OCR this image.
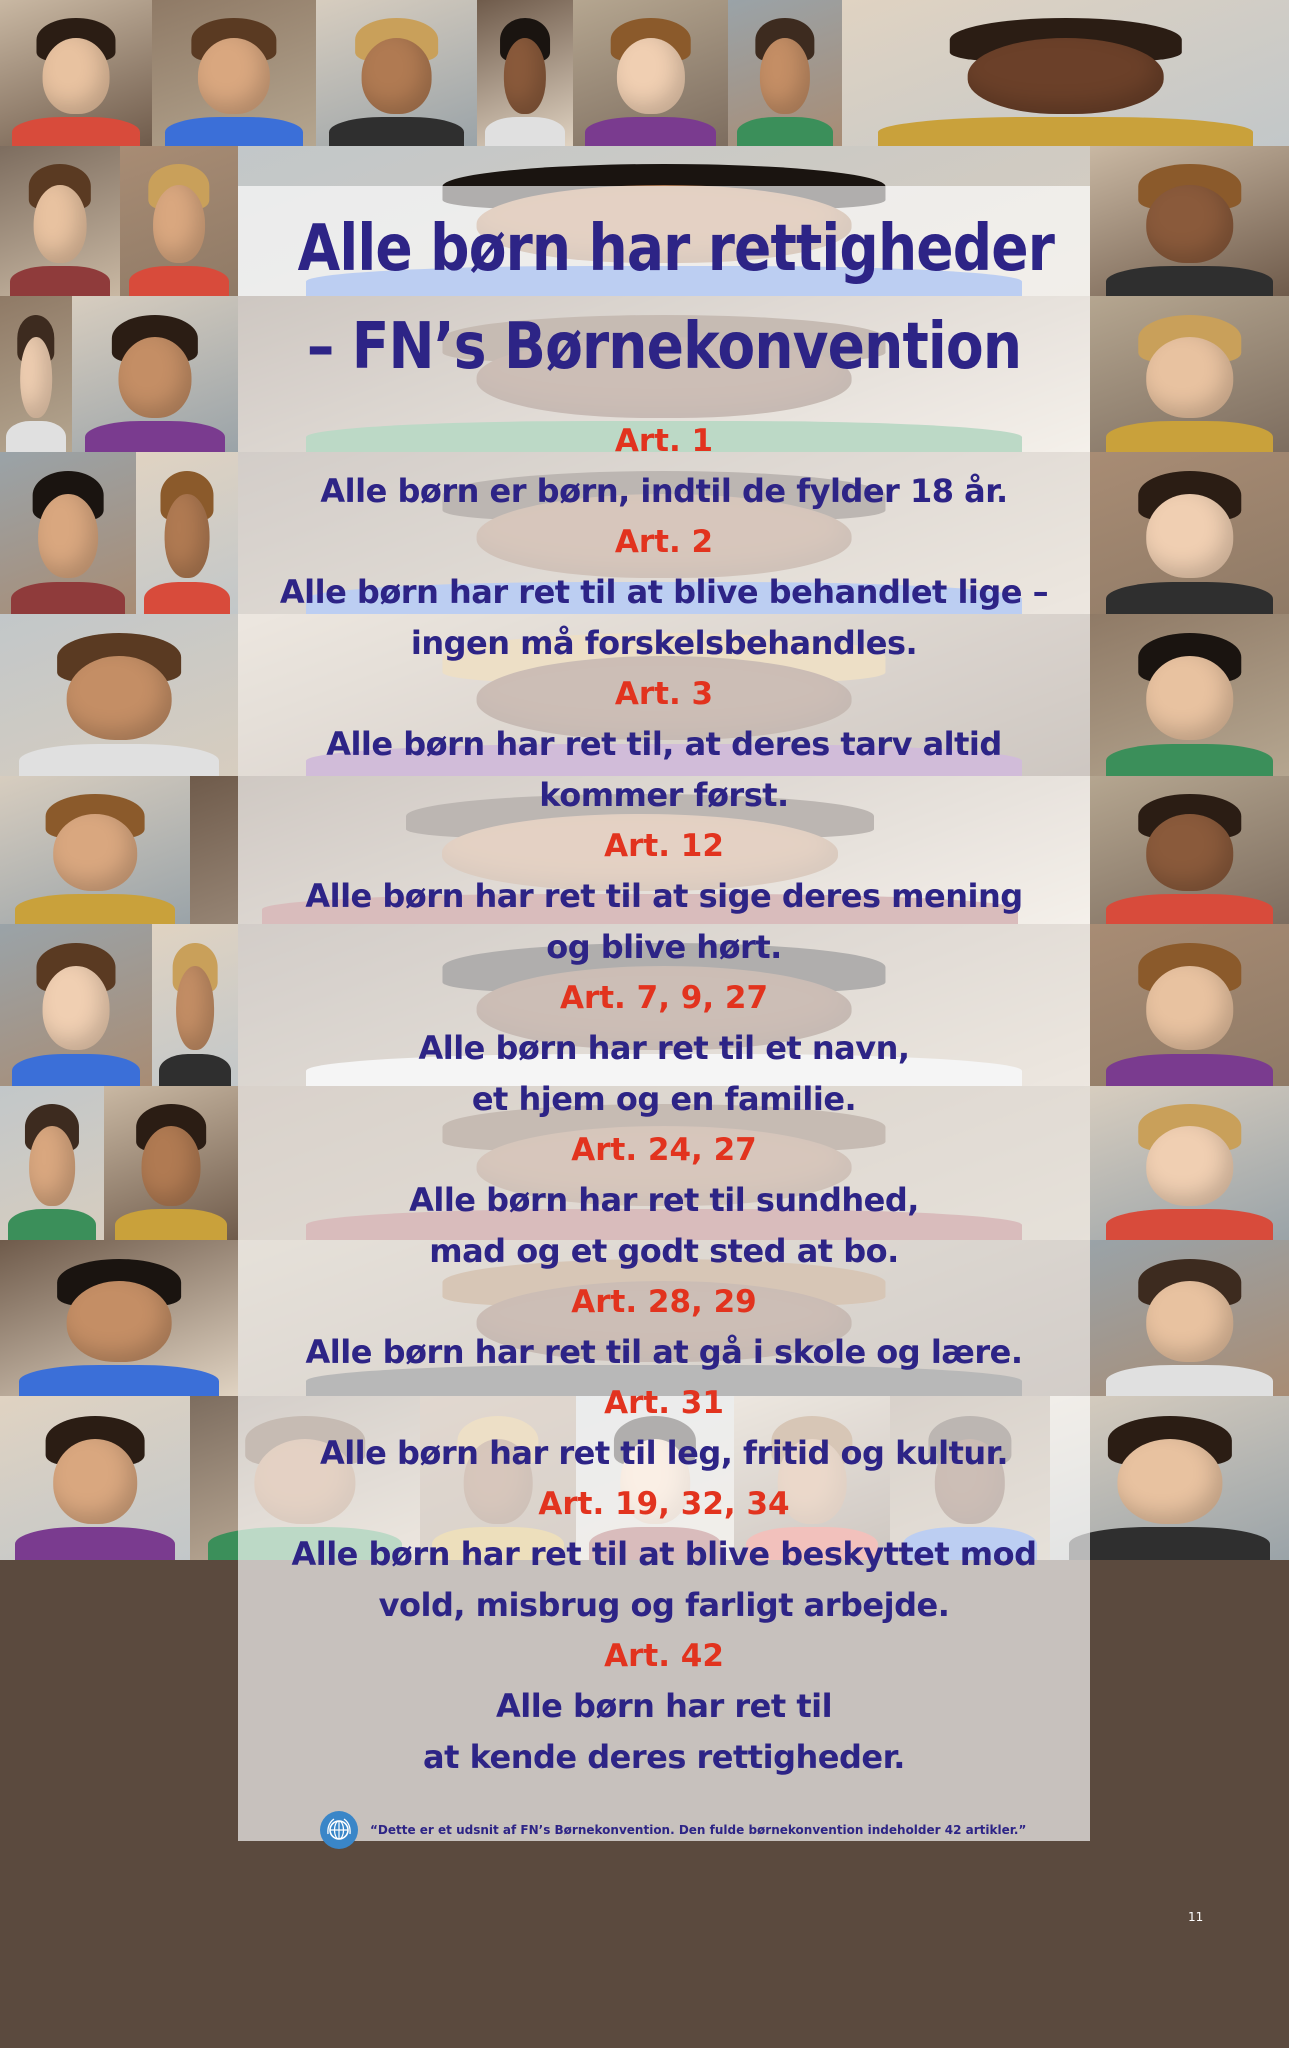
Alle børn har rettigheder
– FN’s Børnekonvention
Art. 1
Alle børn er børn, indtil de fylder 18 år.
Art. 2
Alle børn har ret til at blive behandlet lige –
ingen må forskelsbehandles.
Art. 3
Alle børn har ret til, at deres tarv altid
kommer først.
Art. 12
Alle børn har ret til at sige deres mening
og blive hørt.
Art. 7, 9, 27
Alle børn har ret til et navn,
et hjem og en familie.
Art. 24, 27
Alle børn har ret til sundhed,
mad og et godt sted at bo.
Art. 28, 29
Alle børn har ret til at gå i skole og lære.
Art. 31
Alle børn har ret til leg, fritid og kultur.
Art. 19, 32, 34
Alle børn har ret til at blive beskyttet mod
vold, misbrug og farligt arbejde.
Art. 42
Alle børn har ret til
at kende deres rettigheder.
“Dette er et udsnit af FN’s Børnekonvention. Den fulde børnekonvention indeholder 42 artikler.”
11
